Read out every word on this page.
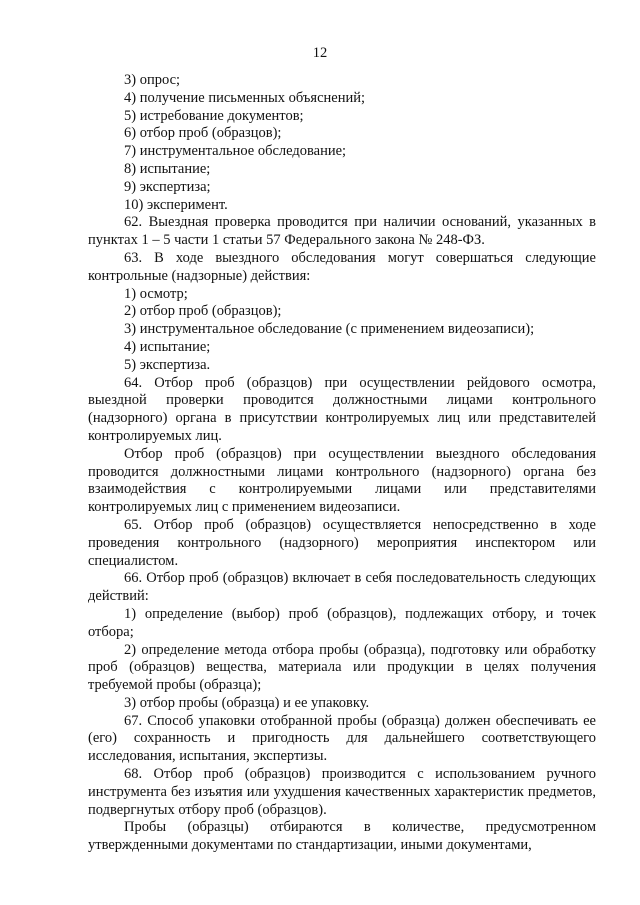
12

3) опрос;

4) получение письменных объяснений;

5) истребование документов;

6) отбор проб (образцов);

7) инструментальное обследование;

8) испытание;

9) экспертиза;

10) эксперимент.

62. Выездная проверка проводится при наличии оснований, указанных в пунктах 1 – 5 части 1 статьи 57 Федерального закона № 248-ФЗ.

63. В ходе выездного обследования могут совершаться следующие контрольные (надзорные) действия:

1) осмотр;

2) отбор проб (образцов);

3) инструментальное обследование (с применением видеозаписи);

4) испытание;

5) экспертиза.

64. Отбор проб (образцов) при осуществлении рейдового осмотра, выездной проверки проводится должностными лицами контрольного (надзорного) органа в присутствии контролируемых лиц или представителей контролируемых лиц.

Отбор проб (образцов) при осуществлении выездного обследования проводится должностными лицами контрольного (надзорного) органа без взаимодействия с контролируемыми лицами или представителями контролируемых лиц с применением видеозаписи.

65. Отбор проб (образцов) осуществляется непосредственно в ходе проведения контрольного (надзорного) мероприятия инспектором или специалистом.

66. Отбор проб (образцов) включает в себя последовательность следующих действий:

1) определение (выбор) проб (образцов), подлежащих отбору, и точек отбора;

2) определение метода отбора пробы (образца), подготовку или обработку проб (образцов) вещества, материала или продукции в целях получения требуемой пробы (образца);

3) отбор пробы (образца) и ее упаковку.

67. Способ упаковки отобранной пробы (образца) должен обеспечивать ее (его) сохранность и пригодность для дальнейшего соответствующего исследования, испытания, экспертизы.

68. Отбор проб (образцов) производится с использованием ручного инструмента без изъятия или ухудшения качественных характеристик предметов, подвергнутых отбору проб (образцов).

Пробы (образцы) отбираются в количестве, предусмотренном утвержденными документами по стандартизации, иными документами,
